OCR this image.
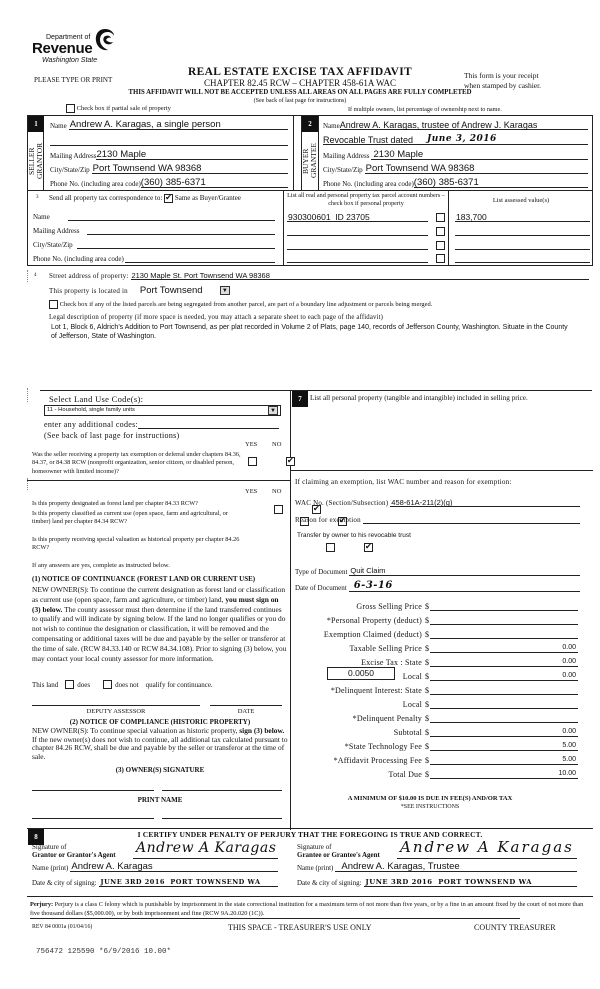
Department of
Revenue
Washington State
PLEASE TYPE OR PRINT
REAL ESTATE EXCISE TAX AFFIDAVIT
CHAPTER 82.45 RCW – CHAPTER 458-61A WAC
This form is your receipt
when stamped by cashier.
THIS AFFIDAVIT WILL NOT BE ACCEPTED UNLESS ALL AREAS ON ALL PAGES ARE FULLY COMPLETED
(See back of last page for instructions)
Check box if partial sale of property	If multiple owners, list percentage of ownership next to name.
1
SELLER
GRANTOR
Name Andrew A. Karagas, a single person
Mailing Address 2130 Maple
City/State/Zip Port Townsend WA 98368
Phone No. (including area code) (360) 385-6371
2
BUYER
GRANTEE
Name Andrew A. Karagas, trustee of Andrew J. Karagas
Revocable Trust dated June 3, 2016
Mailing Address 2130 Maple
City/State/Zip Port Townsend WA 98368
Phone No. (including area code) (360) 385-6371
3 Send all property tax correspondence to: ✔ Same as Buyer/Grantee
Name
Mailing Address
City/State/Zip
Phone No. (including area code)
List all real and personal property tax parcel account numbers – check box if personal property	List assessed value(s)
930300601  ID 23705	183,700
4 Street address of property: 2130 Maple St. Port Townsend WA 98368
This property is located in Port Townsend	▼
Check box if any of the listed parcels are being segregated from another parcel, are part of a boundary line adjustment or parcels being merged.
Legal description of property (if more space is needed, you may attach a separate sheet to each page of the affidavit)
Lot 1, Block 6, Aldrich's Addition to Port Townsend, as per plat recorded in Volume 2 of Plats, page 140, records of Jefferson County, Washington. Situate in the County of Jefferson, State of Washington.
Select Land Use Code(s):
11 - Household, single family units	▼
enter any additional codes:
(See back of last page for instructions)
YES NO
Was the seller receiving a property tax exemption or deferral under chapters 84.36, 84.37, or 84.38 RCW (nonprofit organization, senior citizen, or disabled person, homeowner with limited income)?
✔
7	List all personal property (tangible and intangible) included in selling price.
YES NO
Is this property designated as forest land per chapter 84.33 RCW?
✔
Is this property classified as current use (open space, farm and agricultural, or timber) land per chapter 84.34 RCW?
✔
Is this property receiving special valuation as historical property per chapter 84.26 RCW?
✔
If any answers are yes, complete as instructed below.
(1) NOTICE OF CONTINUANCE (FOREST LAND OR CURRENT USE)
NEW OWNER(S): To continue the current designation as forest land or classification as current use (open space, farm and agriculture, or timber) land, you must sign on (3) below. The county assessor must then determine if the land transferred continues to qualify and will indicate by signing below. If the land no longer qualifies or you do not wish to continue the designation or classification, it will be removed and the compensating or additional taxes will be due and payable by the seller or transferor at the time of sale. (RCW 84.33.140 or RCW 84.34.108). Prior to signing (3) below, you may contact your local county assessor for more information.
This land	does	does not qualify for continuance.
DEPUTY ASSESSOR	DATE
(2) NOTICE OF COMPLIANCE (HISTORIC PROPERTY)
NEW OWNER(S): To continue special valuation as historic property, sign (3) below. If the new owner(s) does not wish to continue, all additional tax calculated pursuant to chapter 84.26 RCW, shall be due and payable by the seller or transferor at the time of sale.
(3) OWNER(S) SIGNATURE
PRINT NAME
If claiming an exemption, list WAC number and reason for exemption:
WAC No. (Section/Subsection) 458-61A-211(2)(g)
Reason for exemption
Transfer by owner to his revocable trust
Type of Document Quit Claim
Date of Document 6-3-16
Gross Selling Price $
*Personal Property (deduct) $
Exemption Claimed (deduct) $
Taxable Selling Price $	0.00
Excise Tax : State $	0.00
0.0050	Local $	0.00
*Delinquent Interest: State $
Local $
*Delinquent Penalty $
Subtotal $	0.00
*State Technology Fee $	5.00
*Affidavit Processing Fee $	5.00
Total Due $	10.00
A MINIMUM OF $10.00 IS DUE IN FEE(S) AND/OR TAX
*SEE INSTRUCTIONS
8	I CERTIFY UNDER PENALTY OF PERJURY THAT THE FOREGOING IS TRUE AND CORRECT.
Signature of
Grantor or Grantor's Agent Andrew A Karagas
Name (print) Andrew A. Karagas
Date & city of signing: JUNE 3RD 2016  PORT TOWNSEND WA
Signature of
Grantee or Grantee's Agent Andrew A Karagas
Name (print) Andrew A. Karagas, Trustee
Date & city of signing: JUNE 3RD 2016  PORT TOWNSEND WA
Perjury: Perjury is a class C felony which is punishable by imprisonment in the state correctional institution for a maximum term of not more than five years, or by a fine in an amount fixed by the court of not more than five thousand dollars ($5,000.00), or by both imprisonment and fine (RCW 9A.20.020 (1C)).
REV 84 0001a (01/04/16)	THIS SPACE - TREASURER'S USE ONLY	COUNTY TREASURER
756472 125590 *6/9/2016 10.00*
